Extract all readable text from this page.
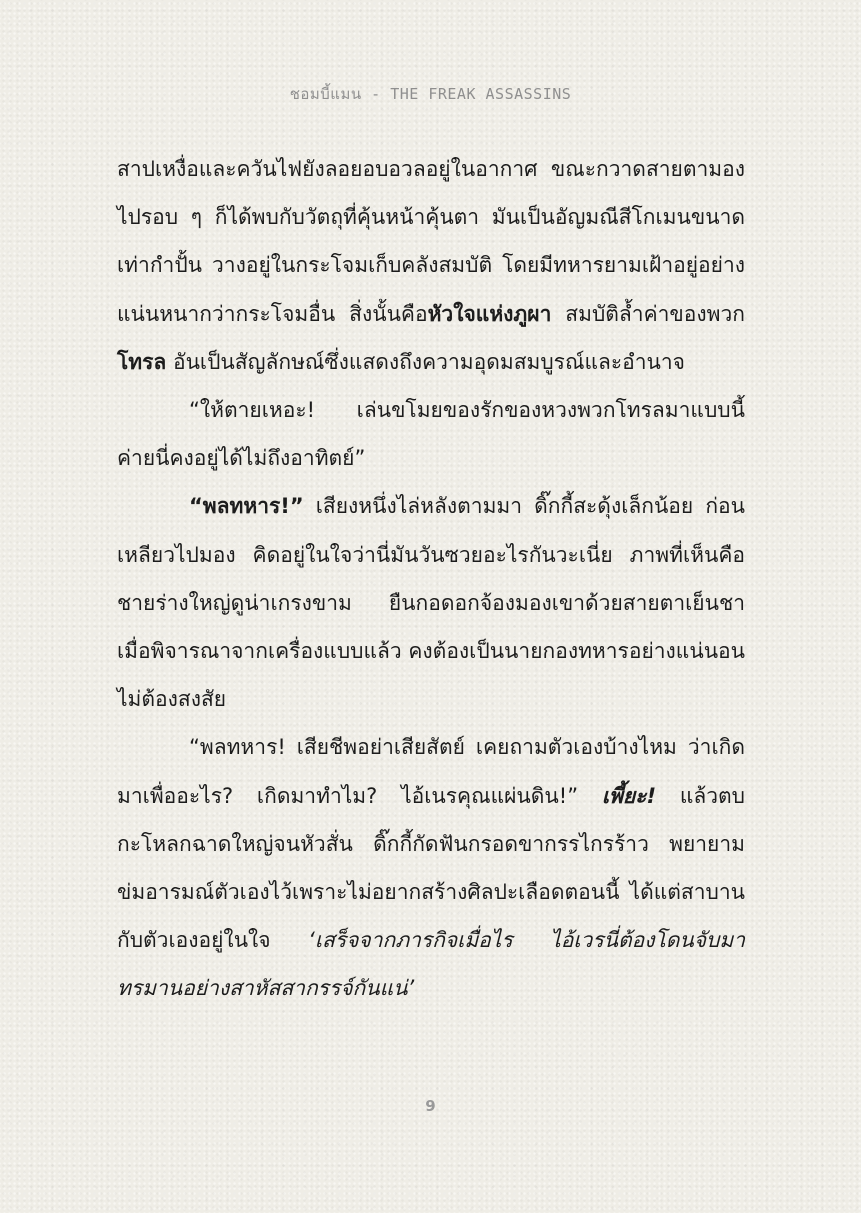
ชอมบี้แมน - THE FREAK ASSASSINS

สาปเหงื่อและควันไฟยังลอยอบอวลอยู่ในอากาศ ขณะกวาดสายตามองไปรอบ ๆ ก็ได้พบกับวัตถุที่คุ้นหน้าคุ้นตา มันเป็นอัญมณีสีโกเมนขนาดเท่ากำปั้น วางอยู่ในกระโจมเก็บคลังสมบัติ โดยมีทหารยามเฝ้าอยู่อย่างแน่นหนากว่ากระโจมอื่น สิ่งนั้นคือหัวใจแห่งภูผา สมบัติล้ำค่าของพวกโทรล อันเป็นสัญลักษณ์ซึ่งแสดงถึงความอุดมสมบูรณ์และอำนาจ

“ให้ตายเหอะ! เล่นขโมยของรักของหวงพวกโทรลมาแบบนี้ ค่ายนี่คงอยู่ได้ไม่ถึงอาทิตย์”

“พลทหาร!” เสียงหนึ่งไล่หลังตามมา ดิ๊กกี้สะดุ้งเล็กน้อย ก่อนเหลียวไปมอง คิดอยู่ในใจว่านี่มันวันซวยอะไรกันวะเนี่ย ภาพที่เห็นคือชายร่างใหญ่ดูน่าเกรงขาม ยืนกอดอกจ้องมองเขาด้วยสายตาเย็นชา เมื่อพิจารณาจากเครื่องแบบแล้ว คงต้องเป็นนายกองทหารอย่างแน่นอนไม่ต้องสงสัย

“พลทหาร! เสียชีพอย่าเสียสัตย์ เคยถามตัวเองบ้างไหม ว่าเกิดมาเพื่ออะไร? เกิดมาทำไม? ไอ้เนรคุณแผ่นดิน!” เพี้ยะ! แล้วตบกะโหลกฉาดใหญ่จนหัวสั่น ดิ๊กกี้กัดฟันกรอดขากรรไกรร้าว พยายามข่มอารมณ์ตัวเองไว้เพราะไม่อยากสร้างศิลปะเลือดตอนนี้ ได้แต่สาบานกับตัวเองอยู่ในใจ ‘เสร็จจากภารกิจเมื่อไร ไอ้เวรนี่ต้องโดนจับมาทรมานอย่างสาหัสสากรรจ์กันแน่’

9
